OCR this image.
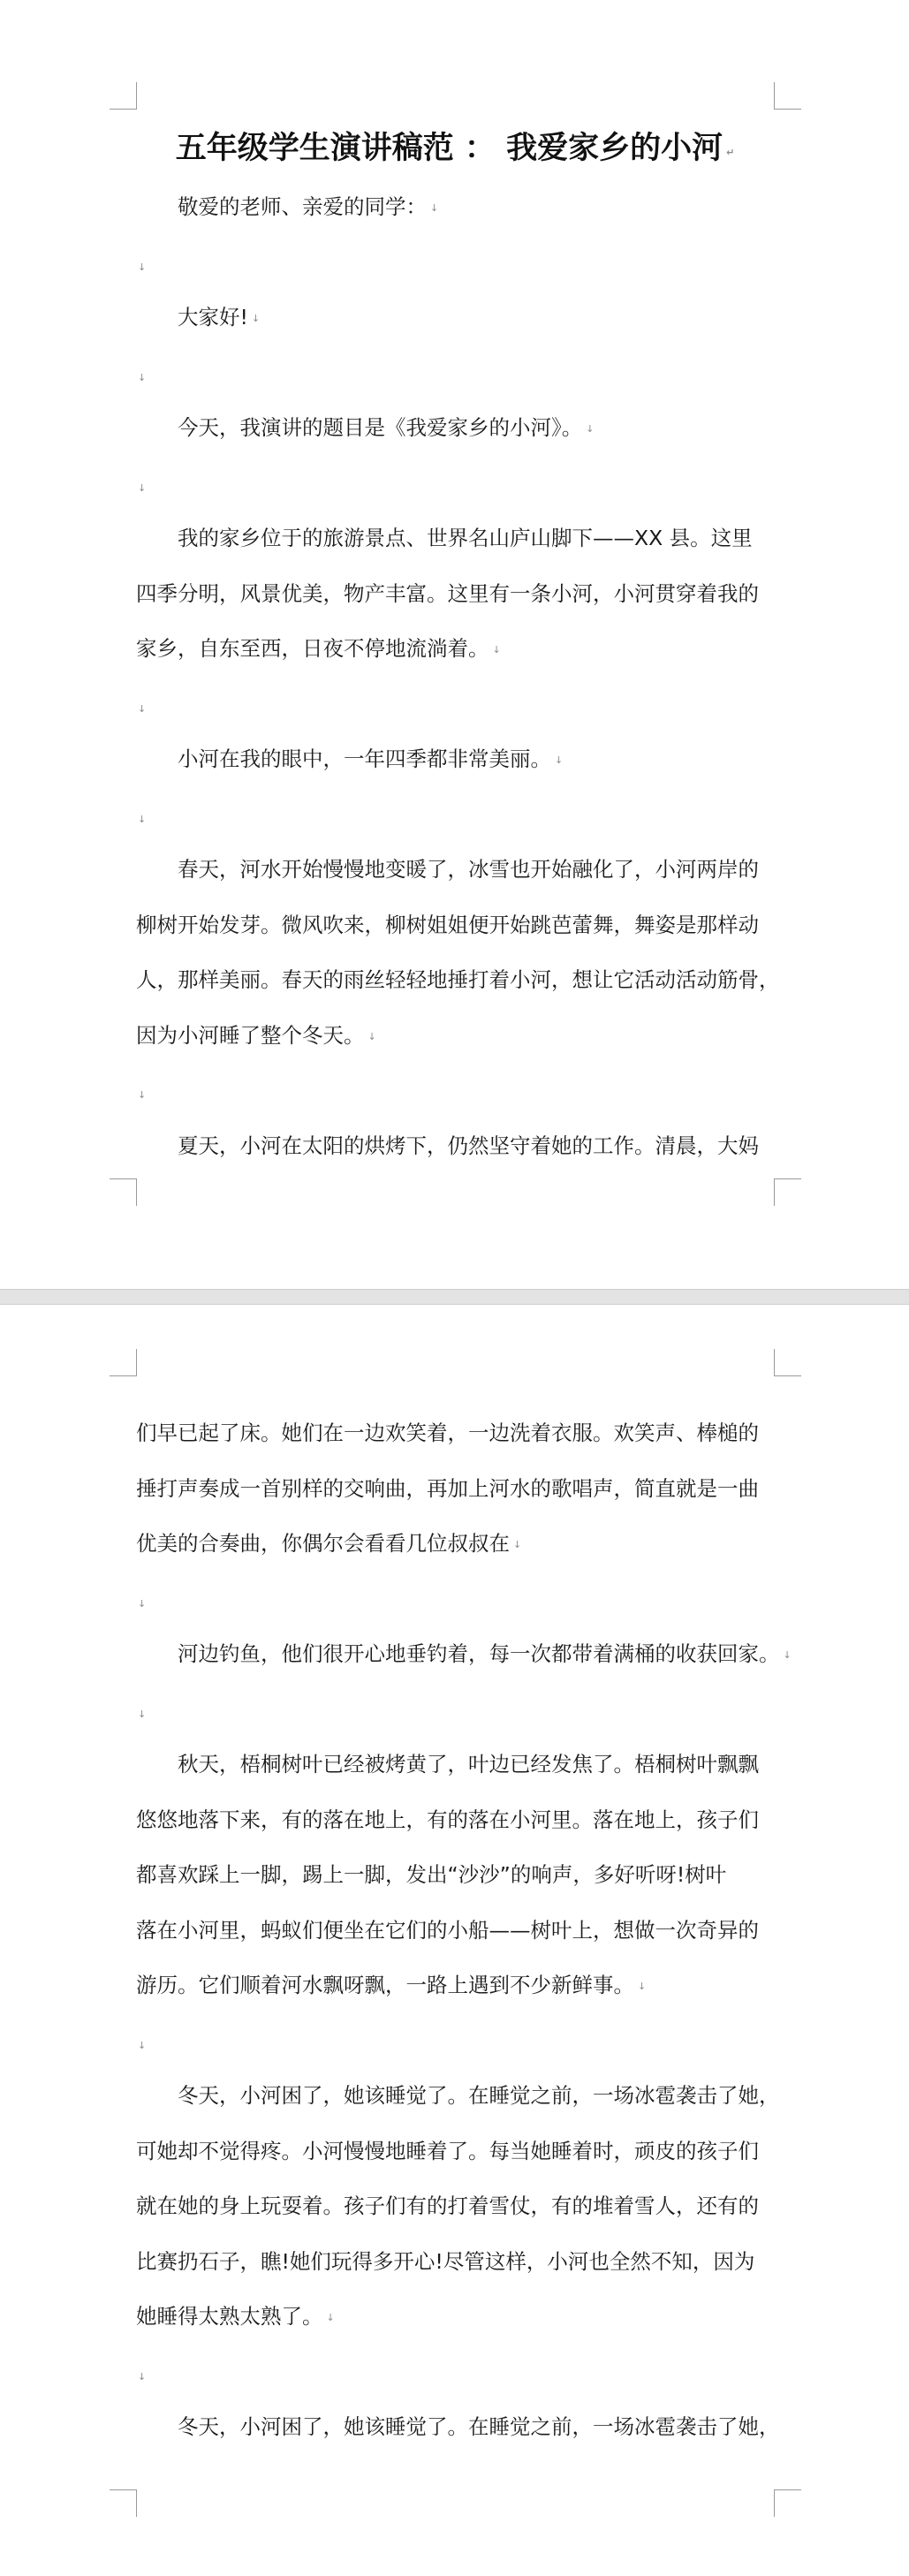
五年级学生演讲稿范 ： 我爱家乡的小河 ↵
敬爱的老师、亲爱的同学： ↓
↓
大家好! ↓
↓
今天，我演讲的题目是《我爱家乡的小河》。 ↓
↓
我的家乡位于的旅游景点、世界名山庐山脚下——XX 县。这里
四季分明，风景优美，物产丰富。这里有一条小河，小河贯穿着我的
家乡，自东至西，日夜不停地流淌着。 ↓
↓
小河在我的眼中，一年四季都非常美丽。 ↓
↓
春天，河水开始慢慢地变暖了，冰雪也开始融化了，小河两岸的
柳树开始发芽。微风吹来，柳树姐姐便开始跳芭蕾舞，舞姿是那样动
人，那样美丽。春天的雨丝轻轻地捶打着小河，想让它活动活动筋骨，
因为小河睡了整个冬天。 ↓
↓
夏天，小河在太阳的烘烤下，仍然坚守着她的工作。清晨，大妈
们早已起了床。她们在一边欢笑着，一边洗着衣服。欢笑声、棒槌的
捶打声奏成一首别样的交响曲，再加上河水的歌唱声，简直就是一曲
优美的合奏曲，你偶尔会看看几位叔叔在 ↓
↓
河边钓鱼，他们很开心地垂钓着，每一次都带着满桶的收获回家。 ↓
↓
秋天，梧桐树叶已经被烤黄了，叶边已经发焦了。梧桐树叶飘飘
悠悠地落下来，有的落在地上，有的落在小河里。落在地上，孩子们
都喜欢踩上一脚，踢上一脚，发出“沙沙”的响声，多好听呀!树叶
落在小河里，蚂蚁们便坐在它们的小船——树叶上，想做一次奇异的
游历。它们顺着河水飘呀飘，一路上遇到不少新鲜事。 ↓
↓
冬天，小河困了，她该睡觉了。在睡觉之前，一场冰雹袭击了她，
可她却不觉得疼。小河慢慢地睡着了。每当她睡着时，顽皮的孩子们
就在她的身上玩耍着。孩子们有的打着雪仗，有的堆着雪人，还有的
比赛扔石子，瞧!她们玩得多开心!尽管这样，小河也全然不知，因为
她睡得太熟太熟了。 ↓
↓
冬天，小河困了，她该睡觉了。在睡觉之前，一场冰雹袭击了她，
